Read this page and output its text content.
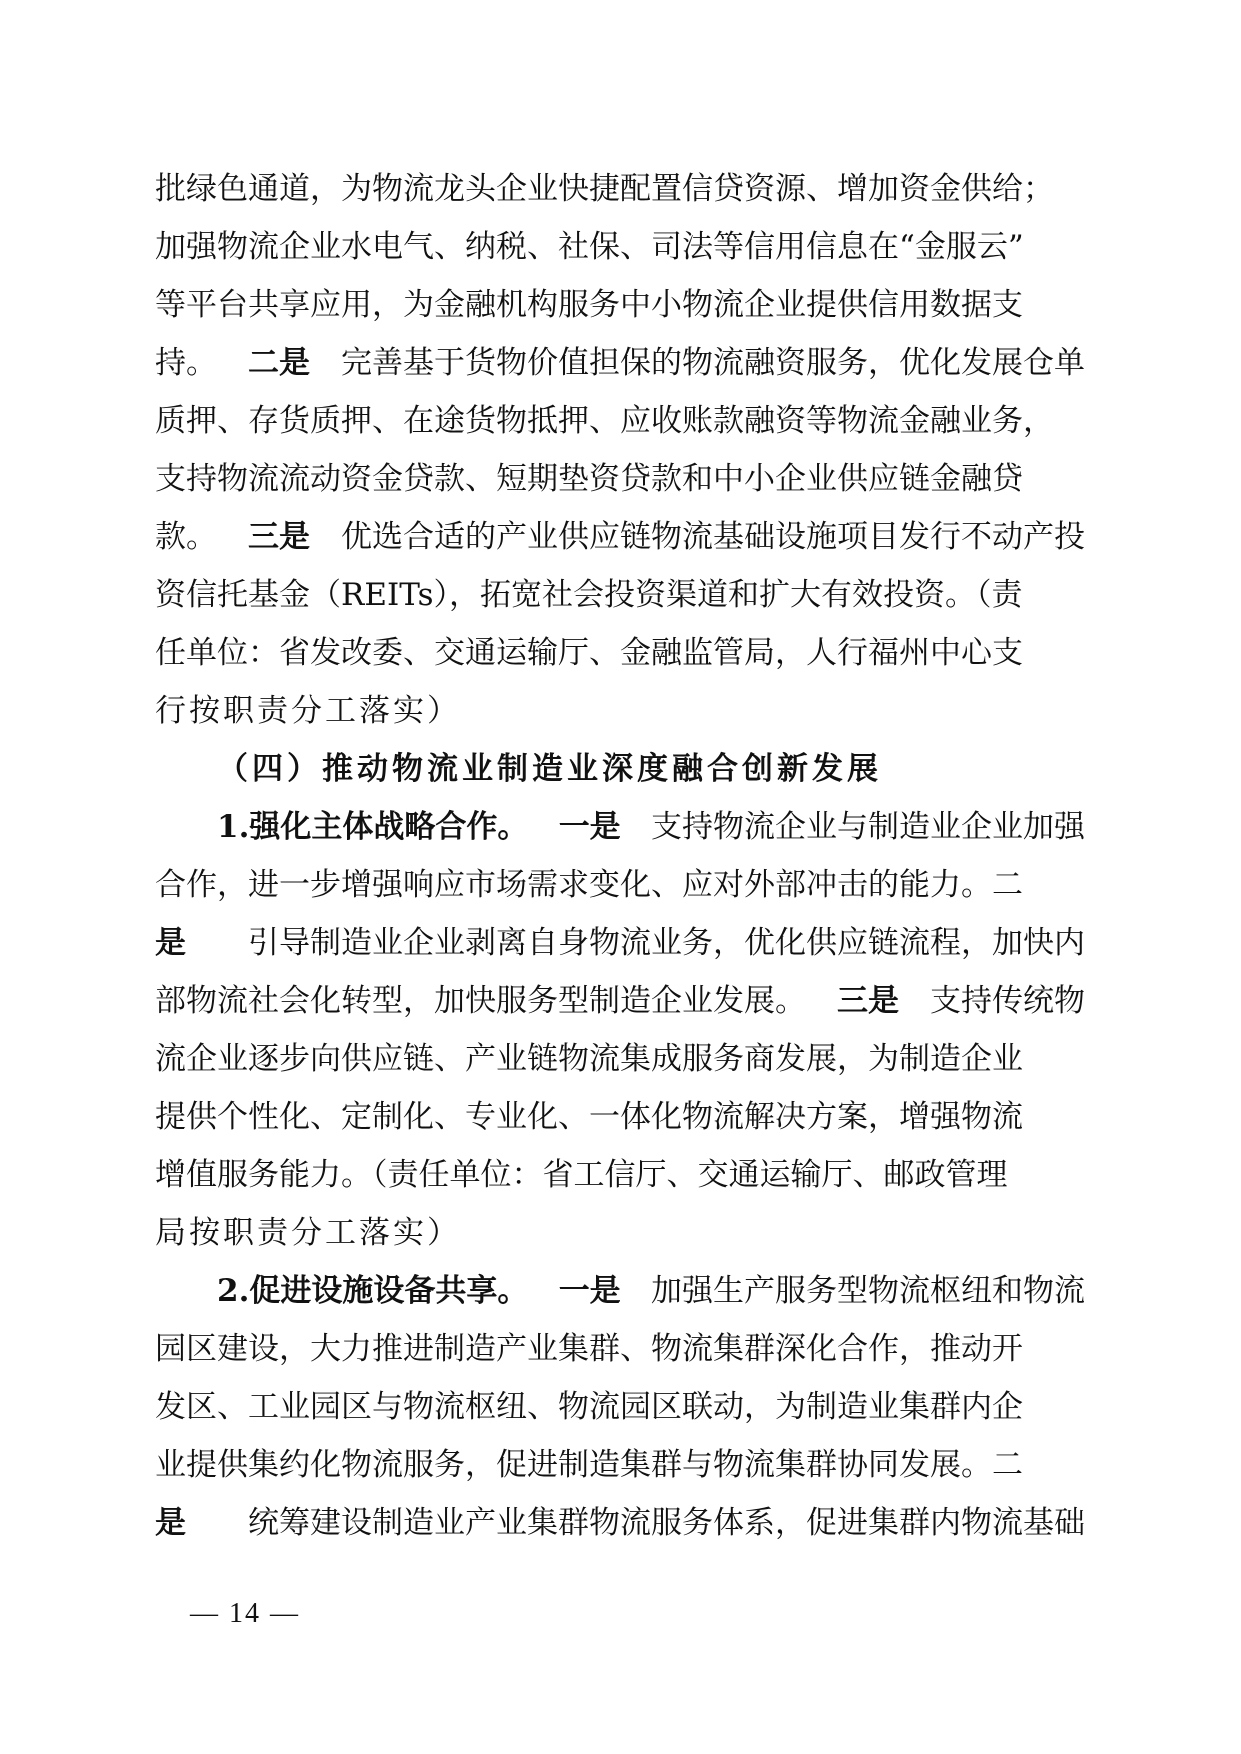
批绿色通道，为物流龙头企业快捷配置信贷资源、增加资金供给；
加强物流企业水电气、纳税、社保、司法等信用信息在“金服云”
等平台共享应用，为金融机构服务中小物流企业提供信用数据支
持。 二是 完善基于货物价值担保的物流融资服务，优化发展仓单
质押、存货质押、在途货物抵押、应收账款融资等物流金融业务，
支持物流流动资金贷款、短期垫资贷款和中小企业供应链金融贷
款。 三是 优选合适的产业供应链物流基础设施项目发行不动产投
资信托基金（REITs），拓宽社会投资渠道和扩大有效投资。（责
任单位：省发改委、交通运输厅、金融监管局，人行福州中心支
行按职责分工落实）
（四）推动物流业制造业深度融合创新发展
1.强化主体战略合作。 一是 支持物流企业与制造业企业加强
合作，进一步增强响应市场需求变化、应对外部冲击的能力。二
是 引导制造业企业剥离自身物流业务，优化供应链流程，加快内
部物流社会化转型，加快服务型制造企业发展。 三是 支持传统物
流企业逐步向供应链、产业链物流集成服务商发展，为制造企业
提供个性化、定制化、专业化、一体化物流解决方案，增强物流
增值服务能力。（责任单位：省工信厅、交通运输厅、邮政管理
局按职责分工落实）
2.促进设施设备共享。 一是 加强生产服务型物流枢纽和物流
园区建设，大力推进制造产业集群、物流集群深化合作，推动开
发区、工业园区与物流枢纽、物流园区联动，为制造业集群内企
业提供集约化物流服务，促进制造集群与物流集群协同发展。二
是 统筹建设制造业产业集群物流服务体系，促进集群内物流基础
— 14 —
